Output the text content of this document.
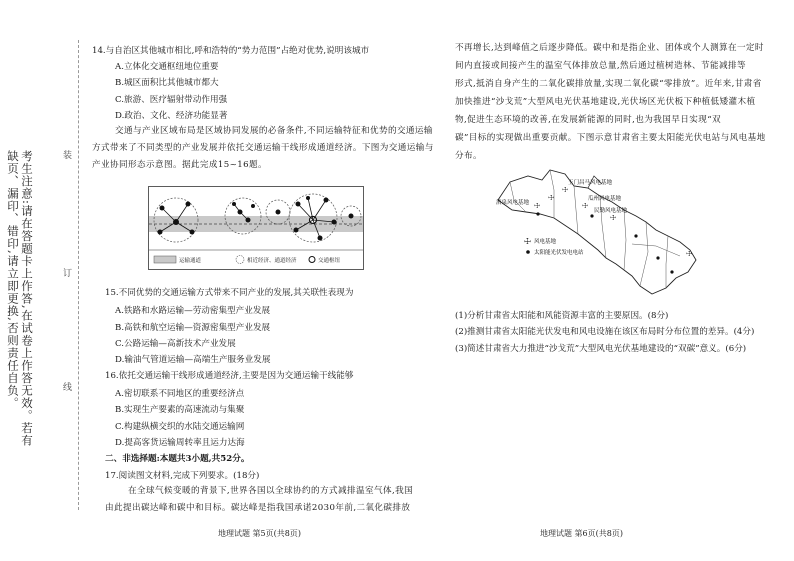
考生注意:请在答题卡上作答,在试卷上作答无效。若有缺页、漏印、错印,请立即更换,否则责任自负。	装
订
线
14.与自治区其他城市相比,呼和浩特的“势力范围”占绝对优势,说明该城市
A.立体化交通枢纽地位重要
B.城区面积比其他城市都大
C.旅游、医疗辐射带动作用强
D.政治、文化、经济功能显著
交通与产业区域布局是区域协同发展的必备条件,不同运输特征和优势的交通运输
方式带来了不同类型的产业发展并依托交通运输干线形成通道经济。下图为交通运输与
产业协同形态示意图。据此完成15~16题。
运输通道	相近经济、通道经济	交通枢纽
15.不同优势的交通运输方式带来不同产业的发展,其关联性表现为
A.铁路和水路运输—劳动密集型产业发展
B.高铁和航空运输—资源密集型产业发展
C.公路运输—高新技术产业发展
D.输油气管道运输—高端生产服务业发展
16.依托交通运输干线形成通道经济,主要是因为交通运输干线能够
A.密切联系不同地区的重要经济点
B.实现生产要素的高速流动与集聚
C.构建纵横交织的水陆交通运输网
D.提高客货运输周转率且运力达海
二、非选择题:本题共3小题,共52分。
17.阅读图文材料,完成下列要求。(18分)
在全球气候变暖的背景下,世界各国以全球协约的方式减排温室气体,我国
由此提出碳达峰和碳中和目标。碳达峰是指我国承诺2030年前,二氧化碳排放
地理试题 第5页(共8页)
不再增长,达到峰值之后逐步降低。碳中和是指企业、团体或个人测算在一定时
间内直接或间接产生的温室气体排放总量,然后通过植树造林、节能减排等
形式,抵消自身产生的二氧化碳排放量,实现二氧化碳“零排放”。近年来,甘肃省
加快推进“沙戈荒”大型风电光伏基地建设,光伏场区光伏板下种植低矮灌木植
物,促进生态环境的改善,在发展新能源的同时,也为我国早日实现“双
碳”目标的实现做出重要贡献。下图示意甘肃省主要太阳能光伏电站与风电基地
分布。
☩
☩
☩
☩
☩
☩
玉门昌马风电基地
酒泉风电基地
瓜州风电基地
民勤风电基地
☩ 风电基地
太阳能光伏发电电站
(1)分析甘肃省太阳能和风能资源丰富的主要原因。(8分)
(2)推测甘肃省太阳能光伏发电和风电设施在该区布局时分布位置的差异。(4分)
(3)简述甘肃省大力推进“沙戈荒”大型风电光伏基地建设的“双碳”意义。(6分)
地理试题 第6页(共8页)
